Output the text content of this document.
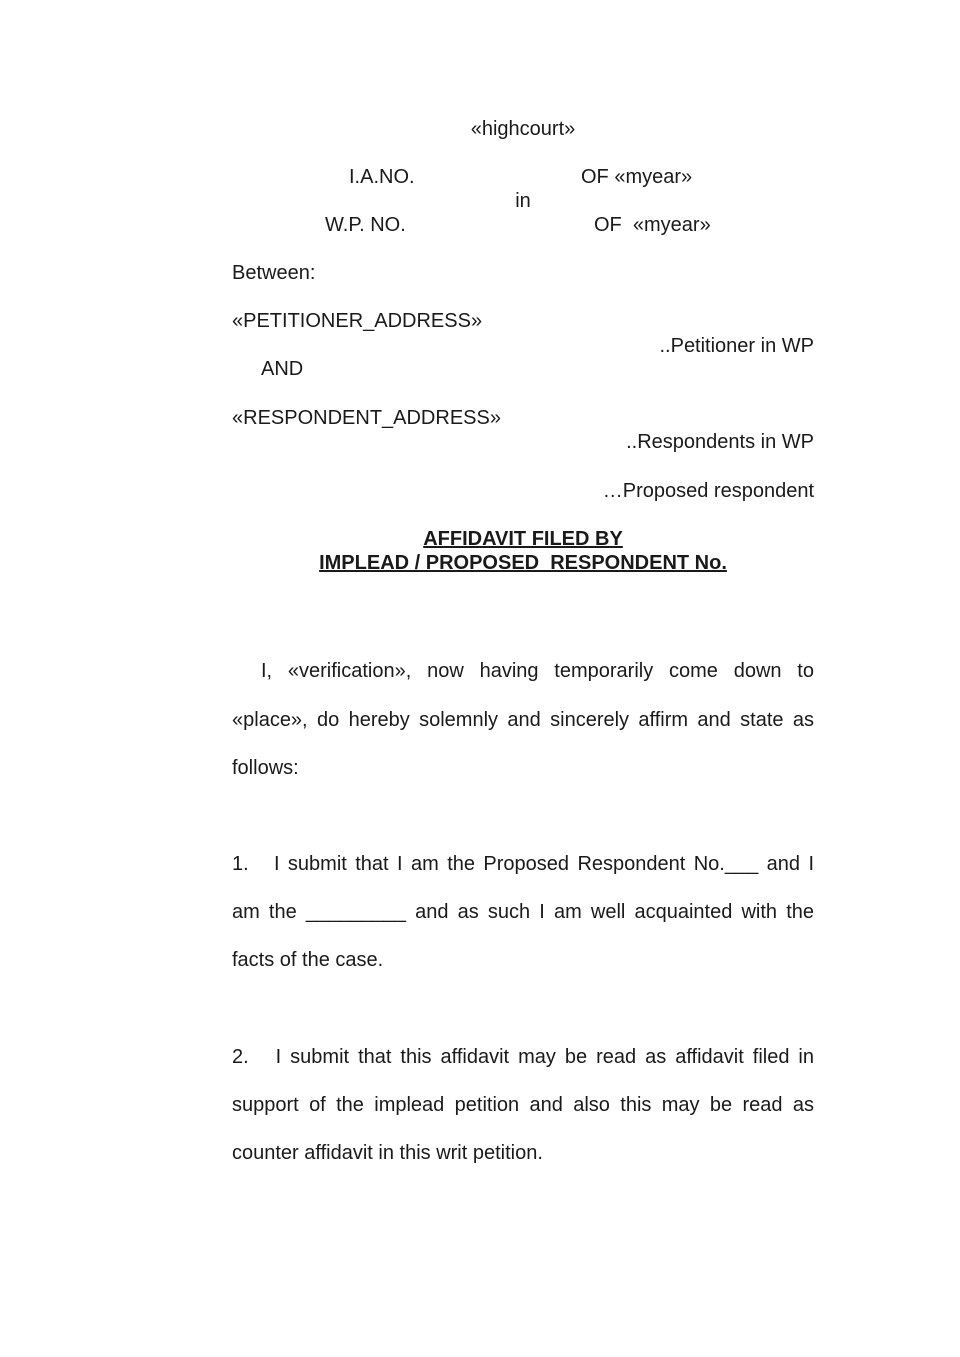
«highcourt»
I.A.NO.	OF «myear»
in
W.P. NO.	OF  «myear»
Between:
«PETITIONER_ADDRESS»
..Petitioner in WP
AND
«RESPONDENT_ADDRESS»
..Respondents in WP
…Proposed respondent
AFFIDAVIT FILED BY
IMPLEAD / PROPOSED  RESPONDENT No.
I, «verification», now having temporarily come down to
«place», do hereby solemnly and sincerely affirm and state as
follows:
1.   I submit that I am the Proposed Respondent No.___ and I
am the _________ and as such I am well acquainted with the
facts of the case.
2.   I submit that this affidavit may be read as affidavit filed in
support of the implead petition and also this may be read as
counter affidavit in this writ petition.
